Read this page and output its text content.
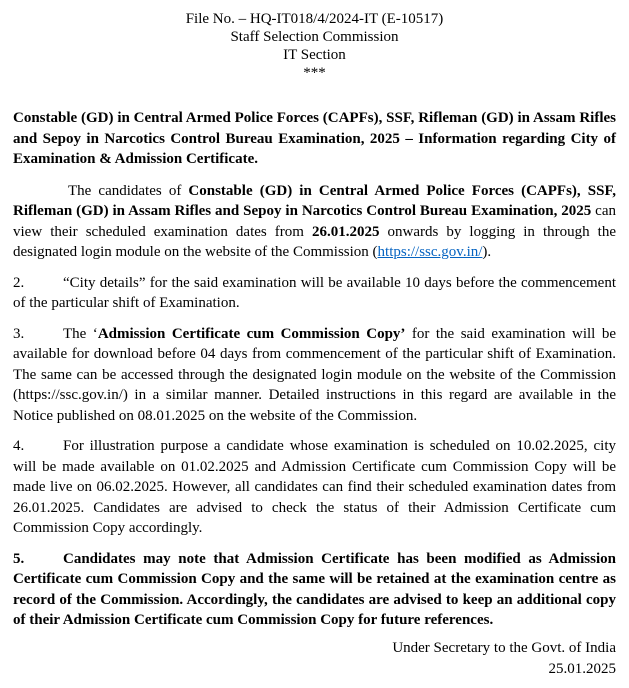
File No. – HQ-IT018/4/2024-IT (E-10517)
Staff Selection Commission
IT Section
***

Constable (GD) in Central Armed Police Forces (CAPFs), SSF, Rifleman (GD) in Assam Rifles and Sepoy in Narcotics Control Bureau Examination, 2025 – Information regarding City of Examination & Admission Certificate.

The candidates of Constable (GD) in Central Armed Police Forces (CAPFs), SSF, Rifleman (GD) in Assam Rifles and Sepoy in Narcotics Control Bureau Examination, 2025 can view their scheduled examination dates from 26.01.2025 onwards by logging in through the designated login module on the website of the Commission (https://ssc.gov.in/).

2.	“City details” for the said examination will be available 10 days before the commencement of the particular shift of Examination.

3.	The ‘Admission Certificate cum Commission Copy’ for the said examination will be available for download before 04 days from commencement of the particular shift of Examination. The same can be accessed through the designated login module on the website of the Commission (https://ssc.gov.in/) in a similar manner. Detailed instructions in this regard are available in the Notice published on 08.01.2025 on the website of the Commission.

4.	For illustration purpose a candidate whose examination is scheduled on 10.02.2025, city will be made available on 01.02.2025 and Admission Certificate cum Commission Copy will be made live on 06.02.2025. However, all candidates can find their scheduled examination dates from 26.01.2025. Candidates are advised to check the status of their Admission Certificate cum Commission Copy accordingly.

5.	Candidates may note that Admission Certificate has been modified as Admission Certificate cum Commission Copy and the same will be retained at the examination centre as record of the Commission. Accordingly, the candidates are advised to keep an additional copy of their Admission Certificate cum Commission Copy for future references.

Under Secretary to the Govt. of India
25.01.2025
